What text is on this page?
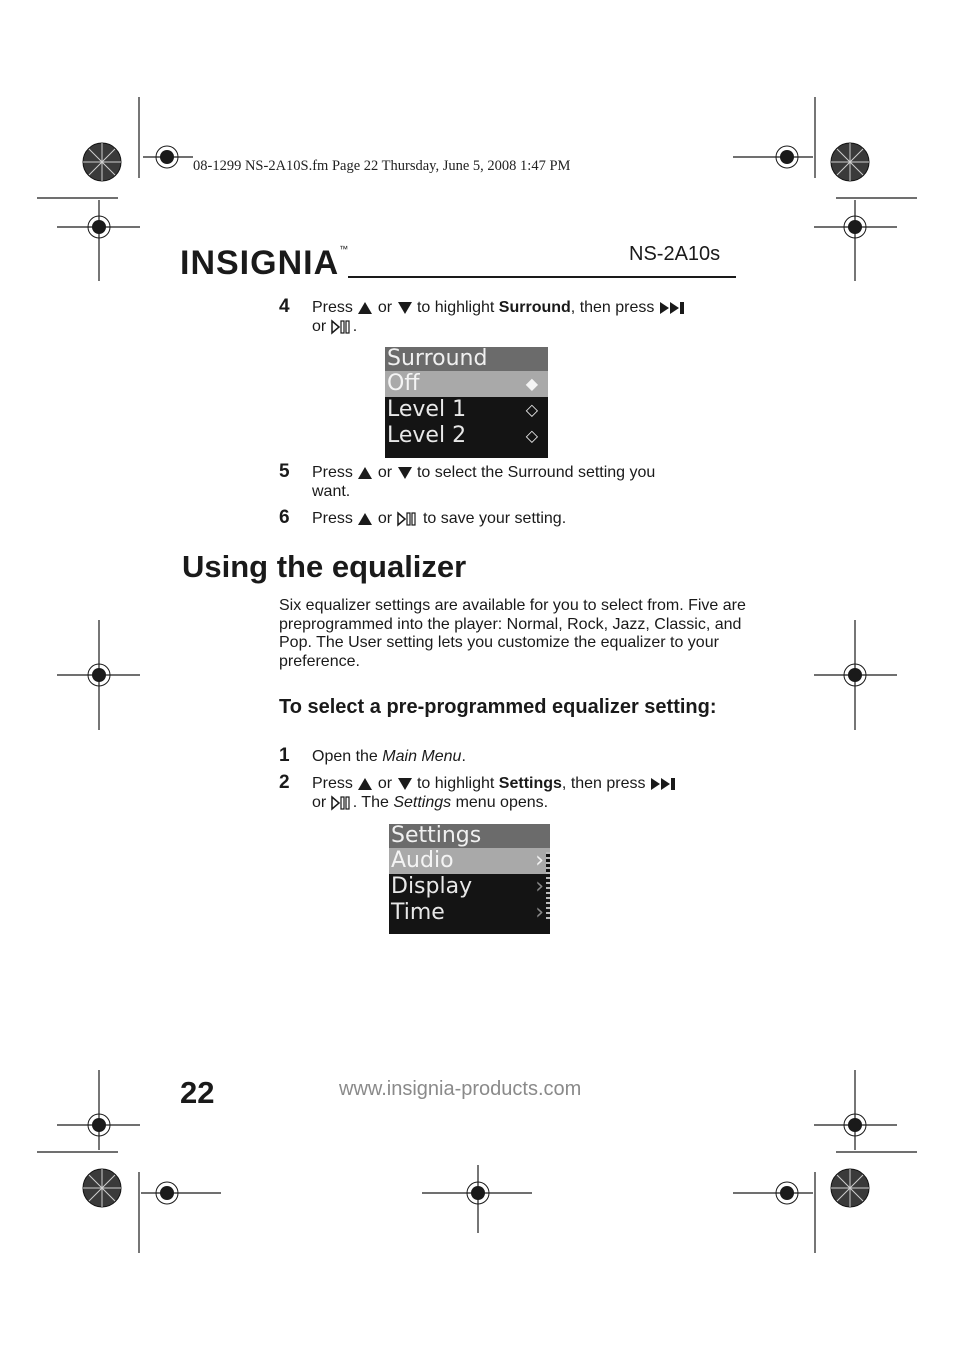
08-1299 NS-2A10S.fm Page 22 Thursday, June 5, 2008 1:47 PM
INSIGNIA™	NS-2A10s
4 Press or to highlight Surround, then press
or .
Surround
Off	◆
Level 1	◇
Level 2	◇
5 Press or to select the Surround setting you
want.
6 Press or to save your setting.
Using the equalizer
Six equalizer settings are available for you to select from. Five are preprogrammed into the player: Normal, Rock, Jazz, Classic, and Pop. The User setting lets you customize the equalizer to your preference.
To select a pre-programmed equalizer setting:
1 Open the Main Menu.
2 Press or to highlight Settings, then press
or . The Settings menu opens.
Settings
Audio	›
Display	›
Time	›
22	www.insignia-products.com
